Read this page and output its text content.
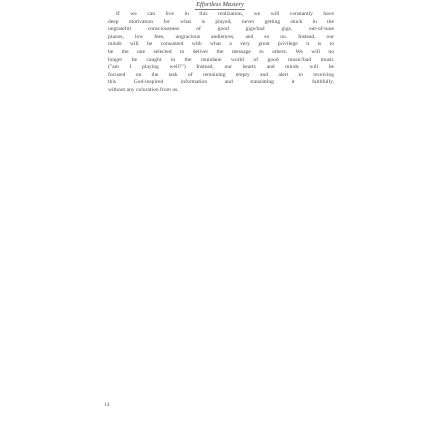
Effortless Mastery
If we can live in this realization, we will constantly have
deep motivation for what is played, never getting stuck in the
ungrateful consciousness of good gigs/bad gigs, out-of-tune
pianos, low fees, ungracious audiences, and so on. Instead, our
minds will be consumed with what a very great privilege it is to
be the one selected to deliver the message to others. We will no
longer be caught in the mundane world of good music/bad music
("am I playing well?") Instead, our hearts and minds will be
focused on the task of remaining empty and alert to receiving
this God-inspired information and translating it faithfully,
without any coloration from us.
14
